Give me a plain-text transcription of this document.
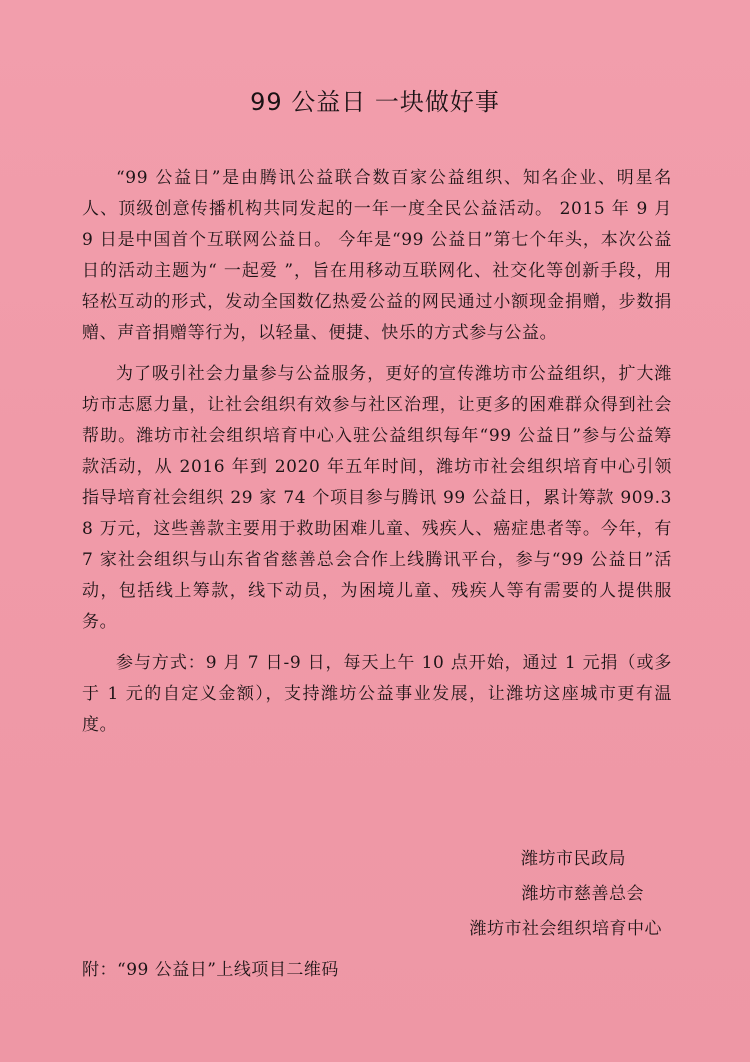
99 公益日 一块做好事

“99 公益日”是由腾讯公益联合数百家公益组织、知名企业、明星名人、顶级创意传播机构共同发起的一年一度全民公益活动。 2015 年 9 月 9 日是中国首个互联网公益日。 今年是“99 公益日”第七个年头，本次公益日的活动主题为“ 一起爱 ”，旨在用移动互联网化、社交化等创新手段，用轻松互动的形式，发动全国数亿热爱公益的网民通过小额现金捐赠，步数捐赠、声音捐赠等行为，以轻量、便捷、快乐的方式参与公益。

为了吸引社会力量参与公益服务，更好的宣传潍坊市公益组织，扩大潍坊市志愿力量，让社会组织有效参与社区治理，让更多的困难群众得到社会帮助。潍坊市社会组织培育中心入驻公益组织每年“99 公益日”参与公益筹款活动，从 2016 年到 2020 年五年时间，潍坊市社会组织培育中心引领指导培育社会组织 29 家 74 个项目参与腾讯 99 公益日，累计筹款 909.38 万元，这些善款主要用于救助困难儿童、残疾人、癌症患者等。今年，有 7 家社会组织与山东省省慈善总会合作上线腾讯平台，参与“99 公益日”活动，包括线上筹款，线下动员，为困境儿童、残疾人等有需要的人提供服务。

参与方式：9 月 7 日-9 日，每天上午 10 点开始，通过 1 元捐（或多于 1 元的自定义金额），支持潍坊公益事业发展，让潍坊这座城市更有温度。

潍坊市民政局
潍坊市慈善总会
潍坊市社会组织培育中心
附：“99 公益日”上线项目二维码
